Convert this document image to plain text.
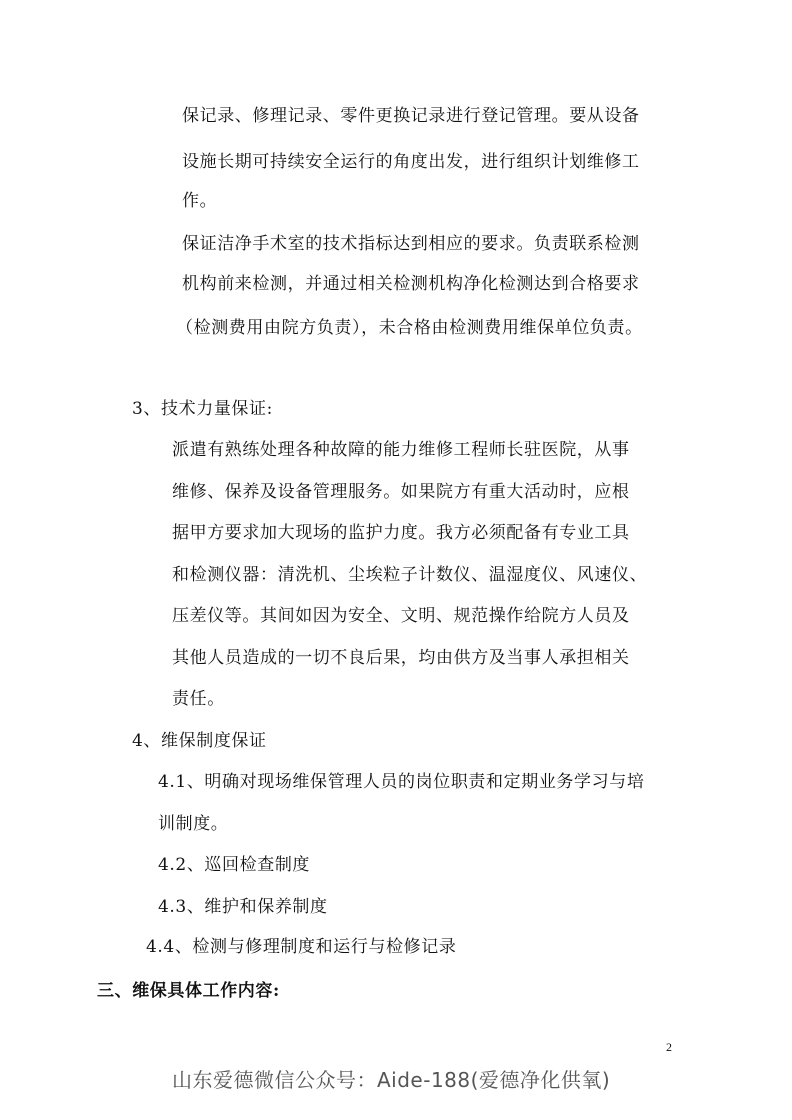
保记录、修理记录、零件更换记录进行登记管理。要从设备
设施长期可持续安全运行的角度出发，进行组织计划维修工
作。
保证洁净手术室的技术指标达到相应的要求。负责联系检测
机构前来检测，并通过相关检测机构净化检测达到合格要求
（检测费用由院方负责），未合格由检测费用维保单位负责。
3、技术力量保证:
派遣有熟练处理各种故障的能力维修工程师长驻医院，从事
维修、保养及设备管理服务。如果院方有重大活动时，应根
据甲方要求加大现场的监护力度。我方必须配备有专业工具
和检测仪器：清洗机、尘埃粒子计数仪、温湿度仪、风速仪、
压差仪等。其间如因为安全、文明、规范操作给院方人员及
其他人员造成的一切不良后果，均由供方及当事人承担相关
责任。
4、维保制度保证
4.1、明确对现场维保管理人员的岗位职责和定期业务学习与培
训制度。
4.2、巡回检查制度
4.3、维护和保养制度
4.4、检测与修理制度和运行与检修记录
三、维保具体工作内容:
2
山东爱德微信公众号：Aide-188(爱德净化供氧)
